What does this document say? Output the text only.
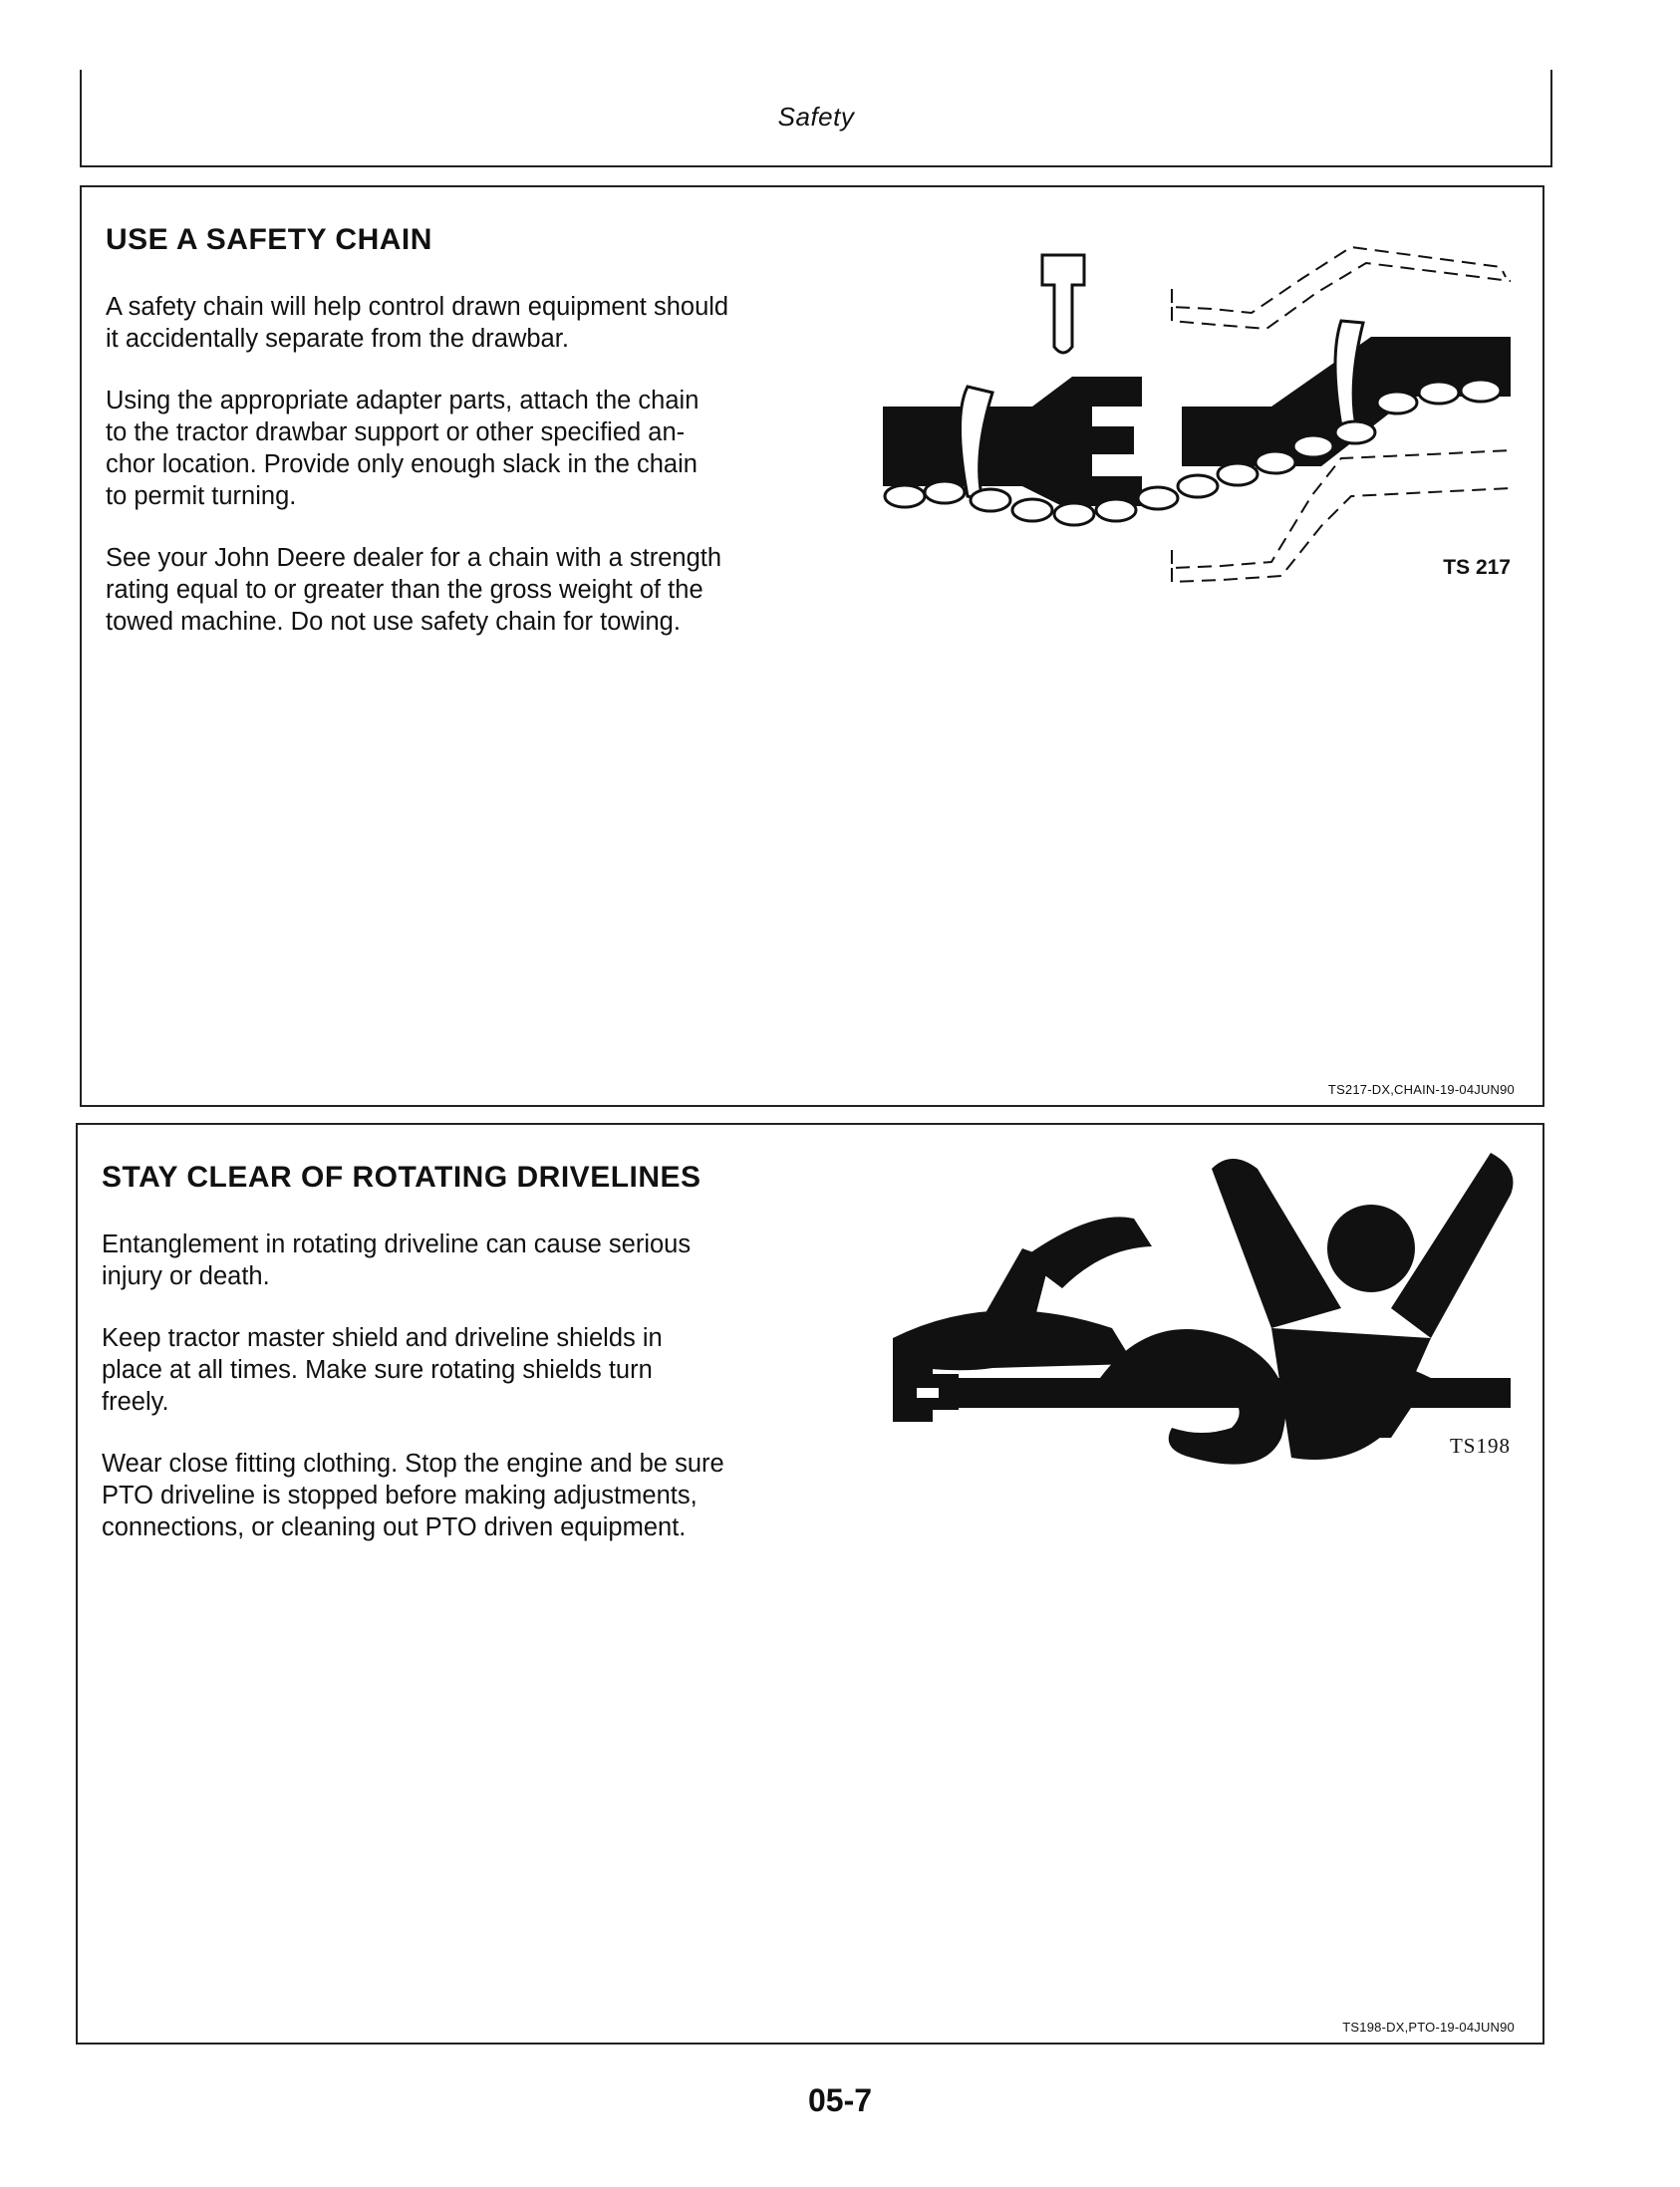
Safety
USE A SAFETY CHAIN

A safety chain will help control drawn equipment should
it accidentally separate from the drawbar.

Using the appropriate adapter parts, attach the chain
to the tractor drawbar support or other specified an-
chor location. Provide only enough slack in the chain
to permit turning.

See your John Deere dealer for a chain with a strength
rating equal to or greater than the gross weight of the
towed machine. Do not use safety chain for towing.

TS 217
TS217-DX,CHAIN-19-04JUN90
STAY CLEAR OF ROTATING DRIVELINES

Entanglement in rotating driveline can cause serious
injury or death.

Keep tractor master shield and driveline shields in
place at all times. Make sure rotating shields turn
freely.

Wear close fitting clothing. Stop the engine and be sure
PTO driveline is stopped before making adjustments,
connections, or cleaning out PTO driven equipment.

TS198
TS198-DX,PTO-19-04JUN90
05-7
